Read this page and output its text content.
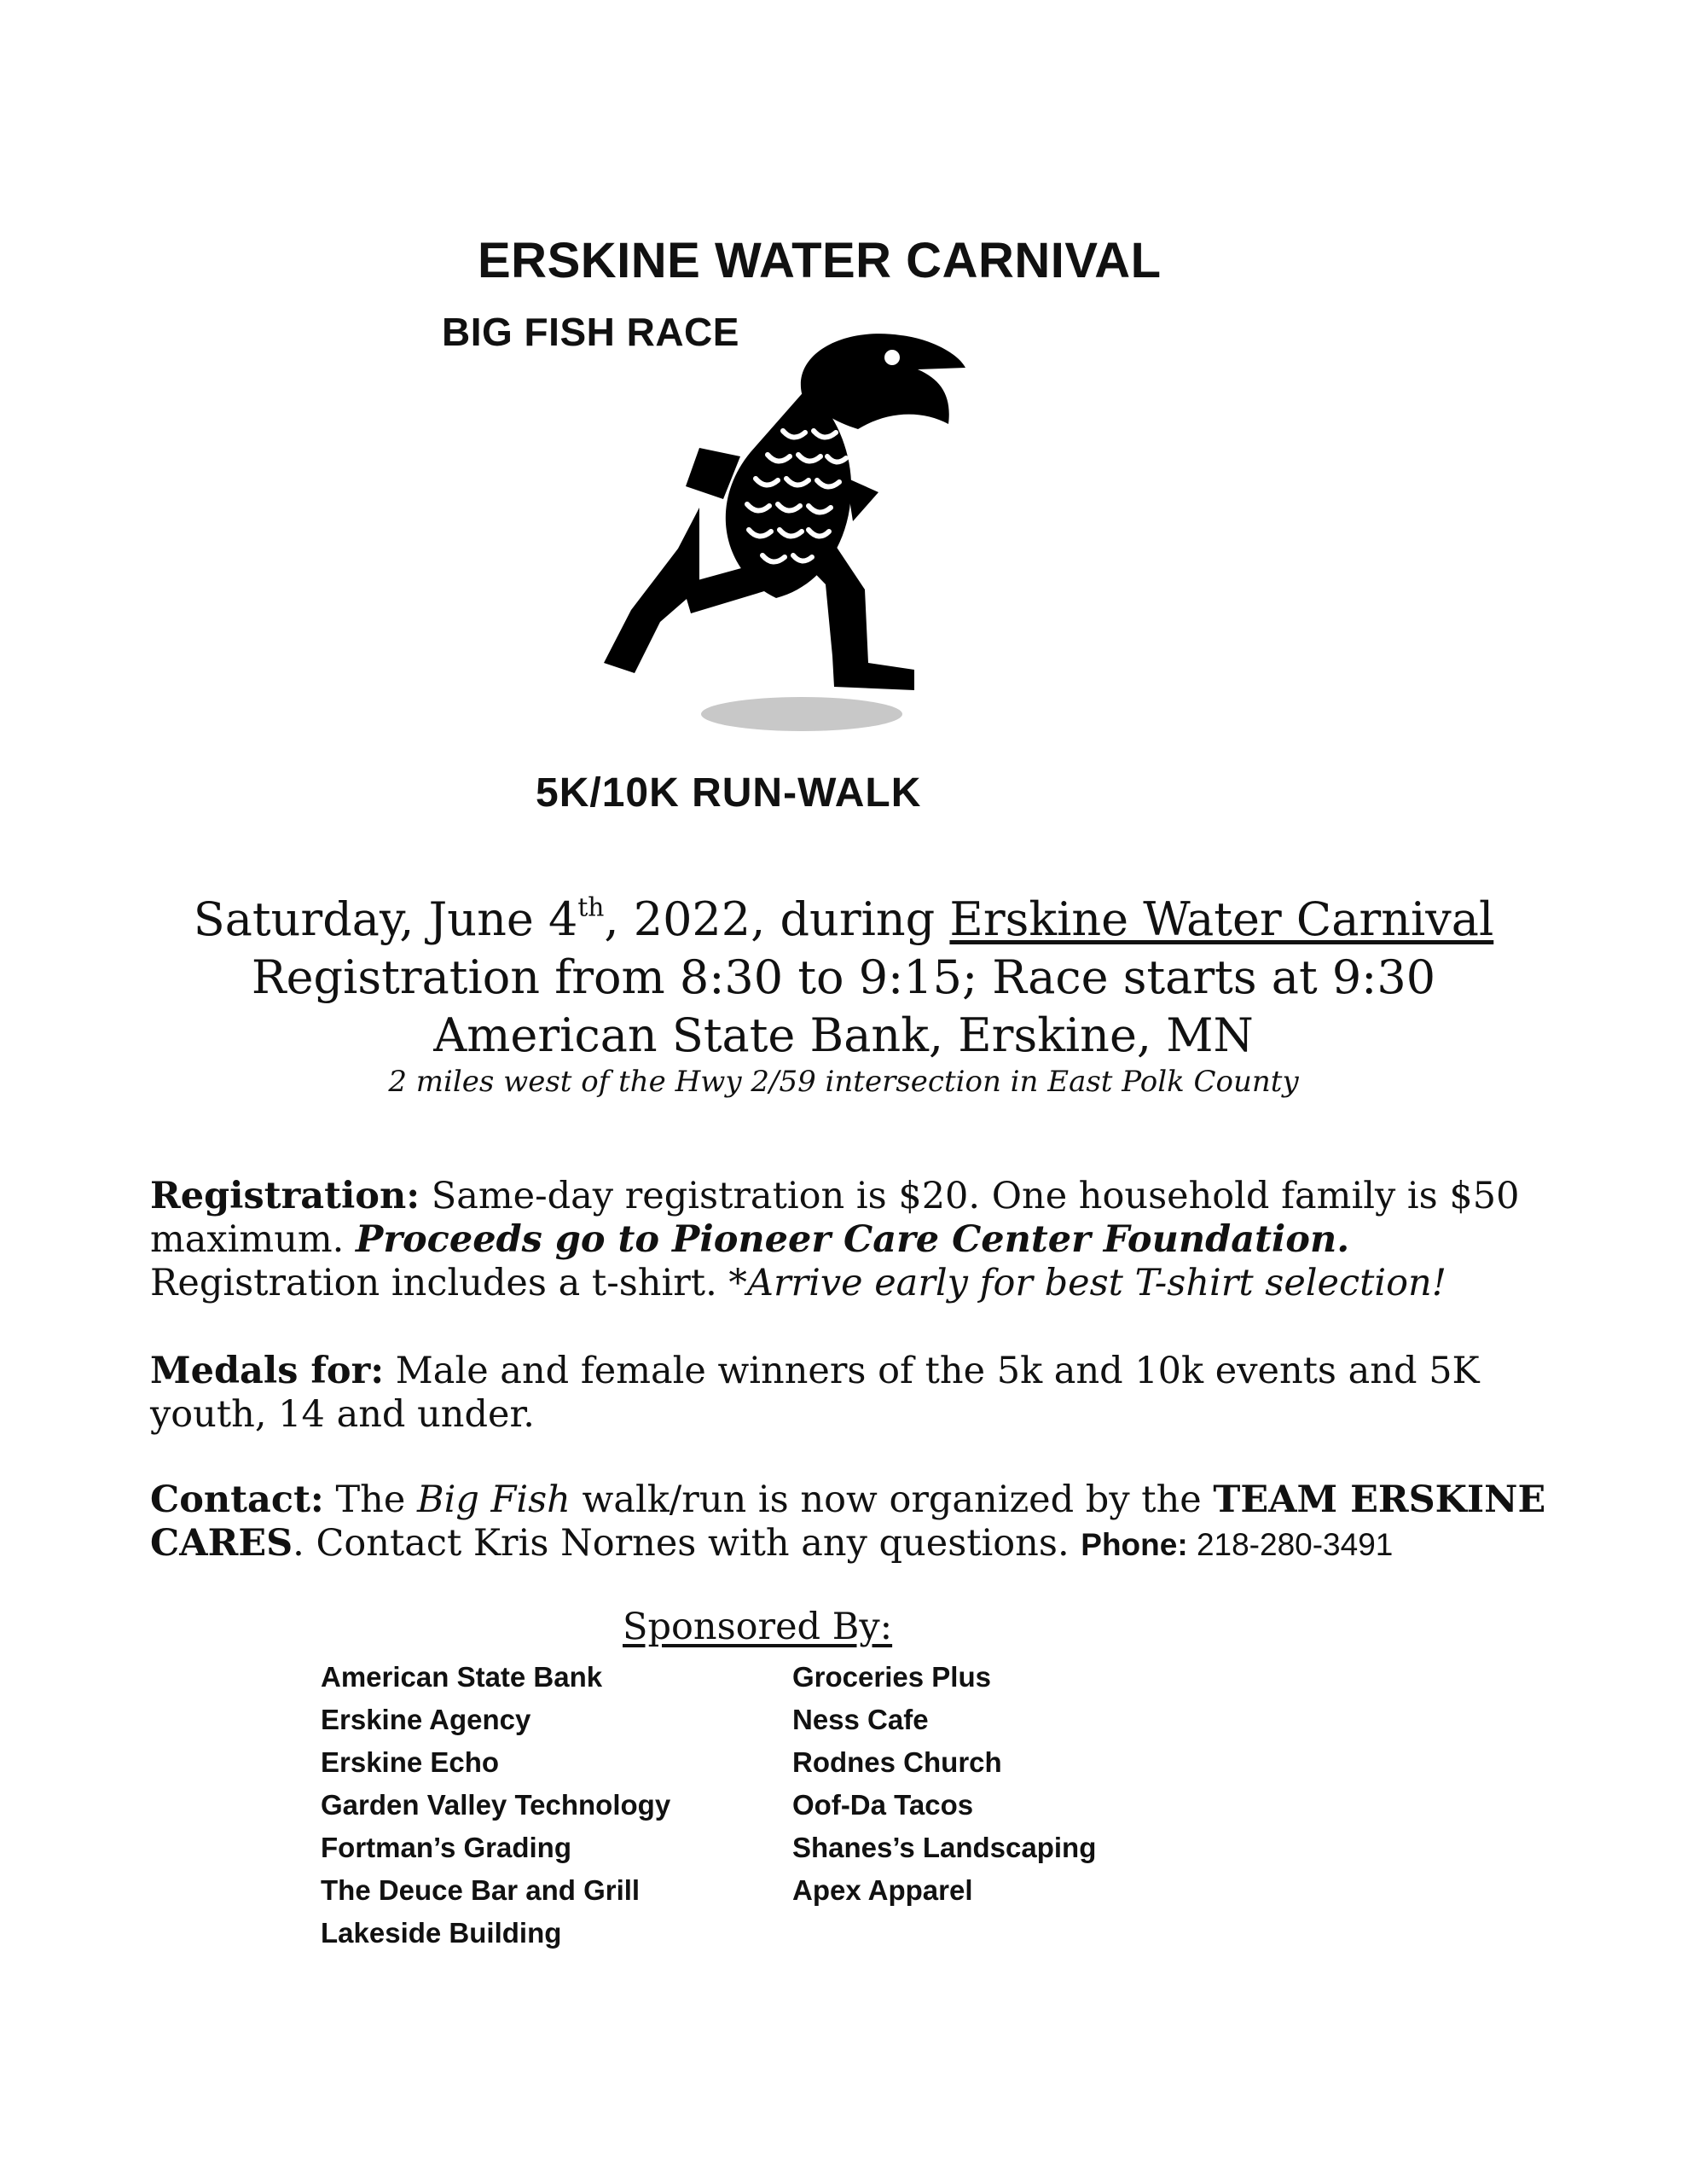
ERSKINE WATER CARNIVAL
BIG FISH RACE
5K/10K RUN-WALK
Saturday, June 4th, 2022, during Erskine Water Carnival
Registration from 8:30 to 9:15; Race starts at 9:30
American State Bank, Erskine, MN
2 miles west of the Hwy 2/59 intersection in East Polk County
Registration: Same-day registration is $20. One household family is $50 maximum. Proceeds go to Pioneer Care Center Foundation. Registration includes a t-shirt. *Arrive early for best T-shirt selection!
Medals for: Male and female winners of the 5k and 10k events and 5K youth, 14 and under.
Contact: The Big Fish walk/run is now organized by the TEAM ERSKINE CARES. Contact Kris Nornes with any questions. Phone: 218-280-3491
Sponsored By:
American State Bank
Erskine Agency
Erskine Echo
Garden Valley Technology
Fortman’s Grading
The Deuce Bar and Grill
Lakeside Building
Groceries Plus
Ness Cafe
Rodnes Church
Oof-Da Tacos
Shanes’s Landscaping
Apex Apparel
